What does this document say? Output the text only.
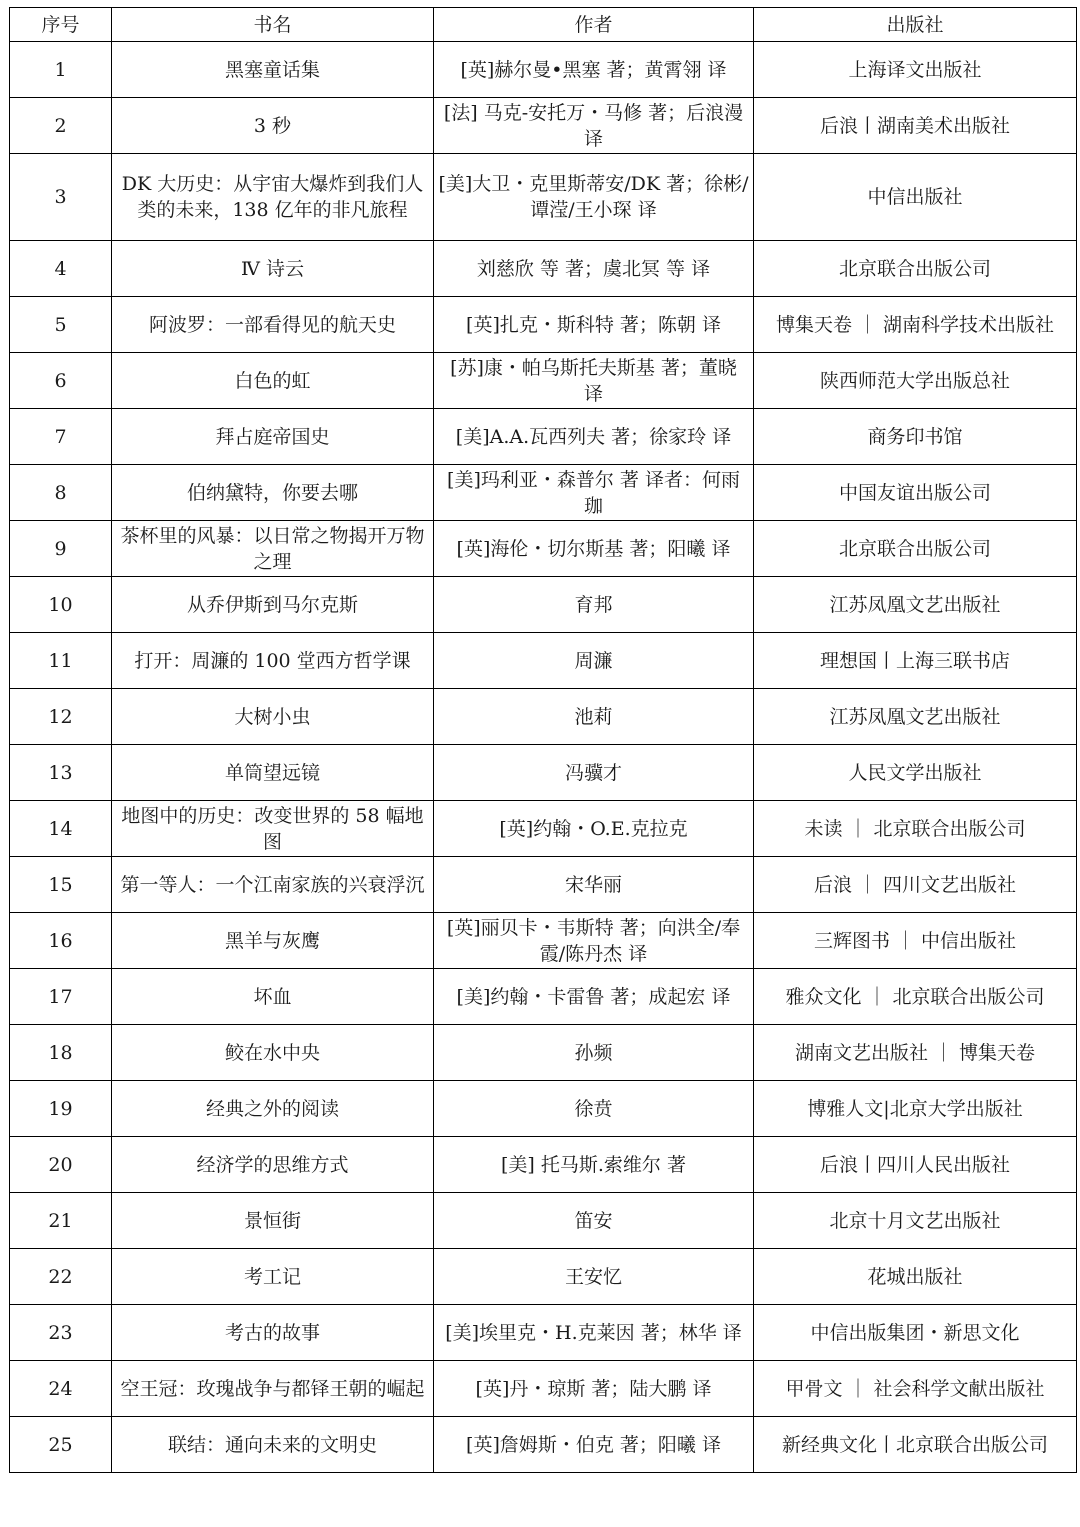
序号	书名	作者	出版社
1	黑塞童话集	[英]赫尔曼•黑塞 著；黄霄翎 译	上海译文出版社
2	3 秒	[法] 马克-安托万・马修 著；后浪漫 译	后浪丨湖南美术出版社
3	DK 大历史：从宇宙大爆炸到我们人类的未来，138 亿年的非凡旅程	[美]大卫・克里斯蒂安/DK 著；徐彬/谭滢/王小琛 译	中信出版社
4	Ⅳ 诗云	刘慈欣 等 著；虞北冥 等 译	北京联合出版公司
5	阿波罗：一部看得见的航天史	[英]扎克・斯科特 著；陈朝 译	博集天卷 ｜ 湖南科学技术出版社
6	白色的虹	[苏]康・帕乌斯托夫斯基 著；董晓 译	陕西师范大学出版总社
7	拜占庭帝国史	[美]A.A.瓦西列夫 著；徐家玲 译	商务印书馆
8	伯纳黛特，你要去哪	[美]玛利亚・森普尔 著 译者：何雨珈	中国友谊出版公司
9	茶杯里的风暴：以日常之物揭开万物之理	[英]海伦・切尔斯基 著；阳曦 译	北京联合出版公司
10	从乔伊斯到马尔克斯	育邦	江苏凤凰文艺出版社
11	打开：周濂的 100 堂西方哲学课	周濂	理想国丨上海三联书店
12	大树小虫	池莉	江苏凤凰文艺出版社
13	单筒望远镜	冯骥才	人民文学出版社
14	地图中的历史：改变世界的 58 幅地图	[英]约翰・O.E.克拉克	未读 ｜ 北京联合出版公司
15	第一等人：一个江南家族的兴衰浮沉	宋华丽	后浪 ｜ 四川文艺出版社
16	黑羊与灰鹰	[英]丽贝卡・韦斯特 著；向洪全/奉霞/陈丹杰 译	三辉图书 ｜ 中信出版社
17	坏血	[美]约翰・卡雷鲁 著；成起宏 译	雅众文化 ｜ 北京联合出版公司
18	鲛在水中央	孙频	湖南文艺出版社 ｜ 博集天卷
19	经典之外的阅读	徐贲	博雅人文|北京大学出版社
20	经济学的思维方式	[美] 托马斯.索维尔 著	后浪丨四川人民出版社
21	景恒街	笛安	北京十月文艺出版社
22	考工记	王安忆	花城出版社
23	考古的故事	[美]埃里克・H.克莱因 著；林华 译	中信出版集团・新思文化
24	空王冠：玫瑰战争与都铎王朝的崛起	[英]丹・琼斯 著；陆大鹏 译	甲骨文 ｜ 社会科学文献出版社
25	联结：通向未来的文明史	[英]詹姆斯・伯克 著；阳曦 译	新经典文化丨北京联合出版公司
